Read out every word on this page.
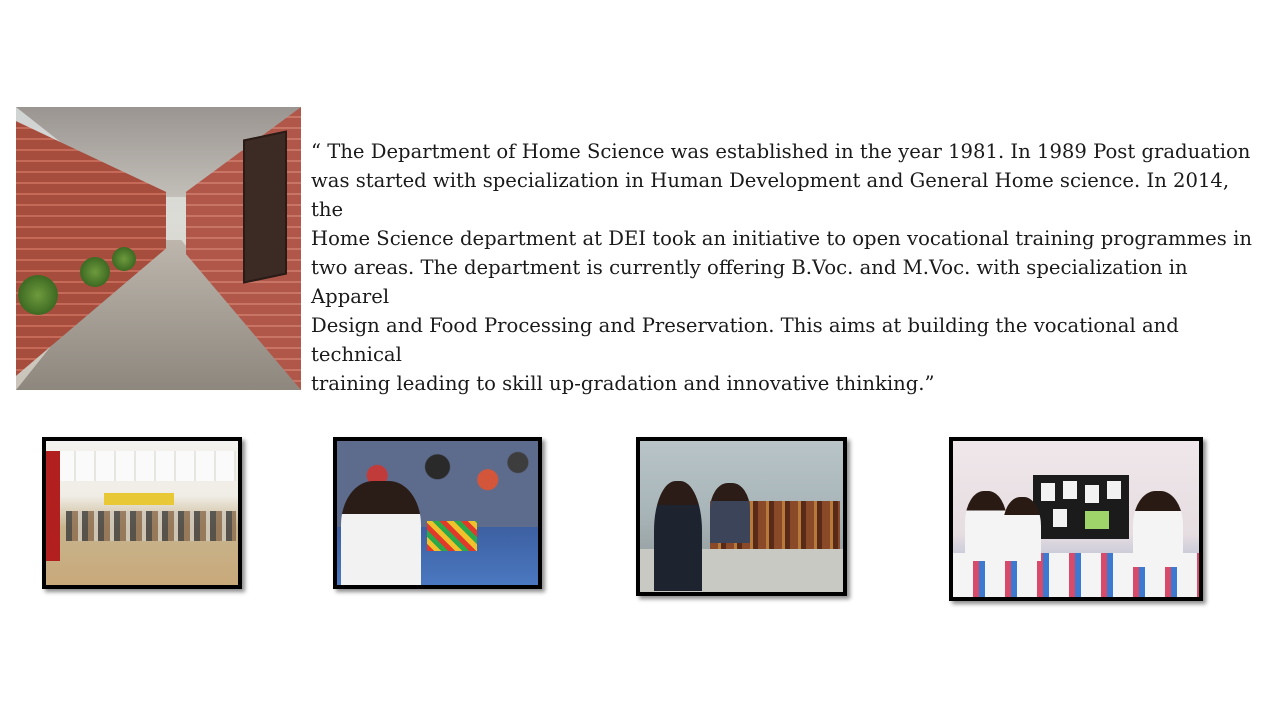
“ The Department of Home Science was established in the year 1981. In 1989 Post graduation
was started with specialization in Human Development and General Home science. In 2014, the
Home Science department at DEI took an initiative to open vocational training programmes in
two areas. The department is currently offering B.Voc. and M.Voc. with specialization in Apparel
Design and Food Processing and Preservation. This aims at building the vocational and technical
training leading to skill up-gradation and innovative thinking.”
